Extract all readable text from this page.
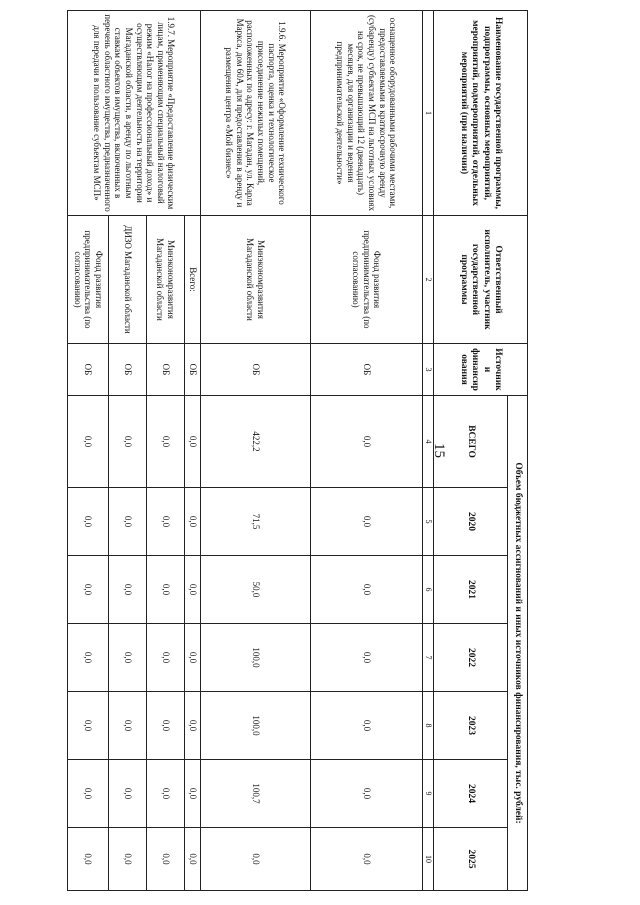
15
Наименование государственной программы, подпрограммы, основных мероприятий, мероприятий, подмероприятий, отдельных мероприятий (при наличии)	Ответственный исполнитель, участник государственной программы	Источники финансирования	Объем бюджетных ассигнований и иных источников финансирования, тыс. рублей:						
			ВСЕГО	2020	2021	2022	2023	2024	2025
1	2	3	4	5	6	7	8	9	10
оснащенное оборудованными рабочими местами, предоставляемыми в краткосрочную аренду (субаренду) субъектам МСП на льготных условиях на срок, не превышающий 12 (двенадцать) месяцев, для организации и ведения предпринимательской деятельности»	Фонд развития предпринимательства (по согласованию)	ОБ	0,0	0,0	0,0	0,0	0,0	0,0	0,0
1.9.6. Мероприятие «Оформление технического паспорта, оценка и технологическое присоединение нежилых помещений, расположенных по адресу: г. Магадан, ул. Карла Маркса, дом 60А, для предоставления в аренду и размещения центра «Мой бизнес»	Минэкономразвития Магаданской области	ОБ	422,2	71,5	50,0	100,0	100,0	100,7	0,0
1.9.7. Мероприятие «Предоставление физическим лицам, применяющим специальный налоговый режим «Налог на профессиональный доход» и осуществляющим деятельность на территории Магаданской области, в аренду по льготным ставкам объектов имущества, включенных в перечень областного имущества, предназначенного для передачи в пользование субъектам МСП»	Всего:	ОБ	0,0	0,0	0,0	0,0	0,0	0,0	0,0
	Минэкономразвития Магаданской области	ОБ	0,0	0,0	0,0	0,0	0,0	0,0	0,0
	ДИЗО Магаданской области	ОБ	0,0	0,0	0,0	0,0	0,0	0,0	0,0
	Фонд развития предпринимательства (по согласованию)	ОБ	0,0	0,0	0,0	0,0	0,0	0,0	0,0
